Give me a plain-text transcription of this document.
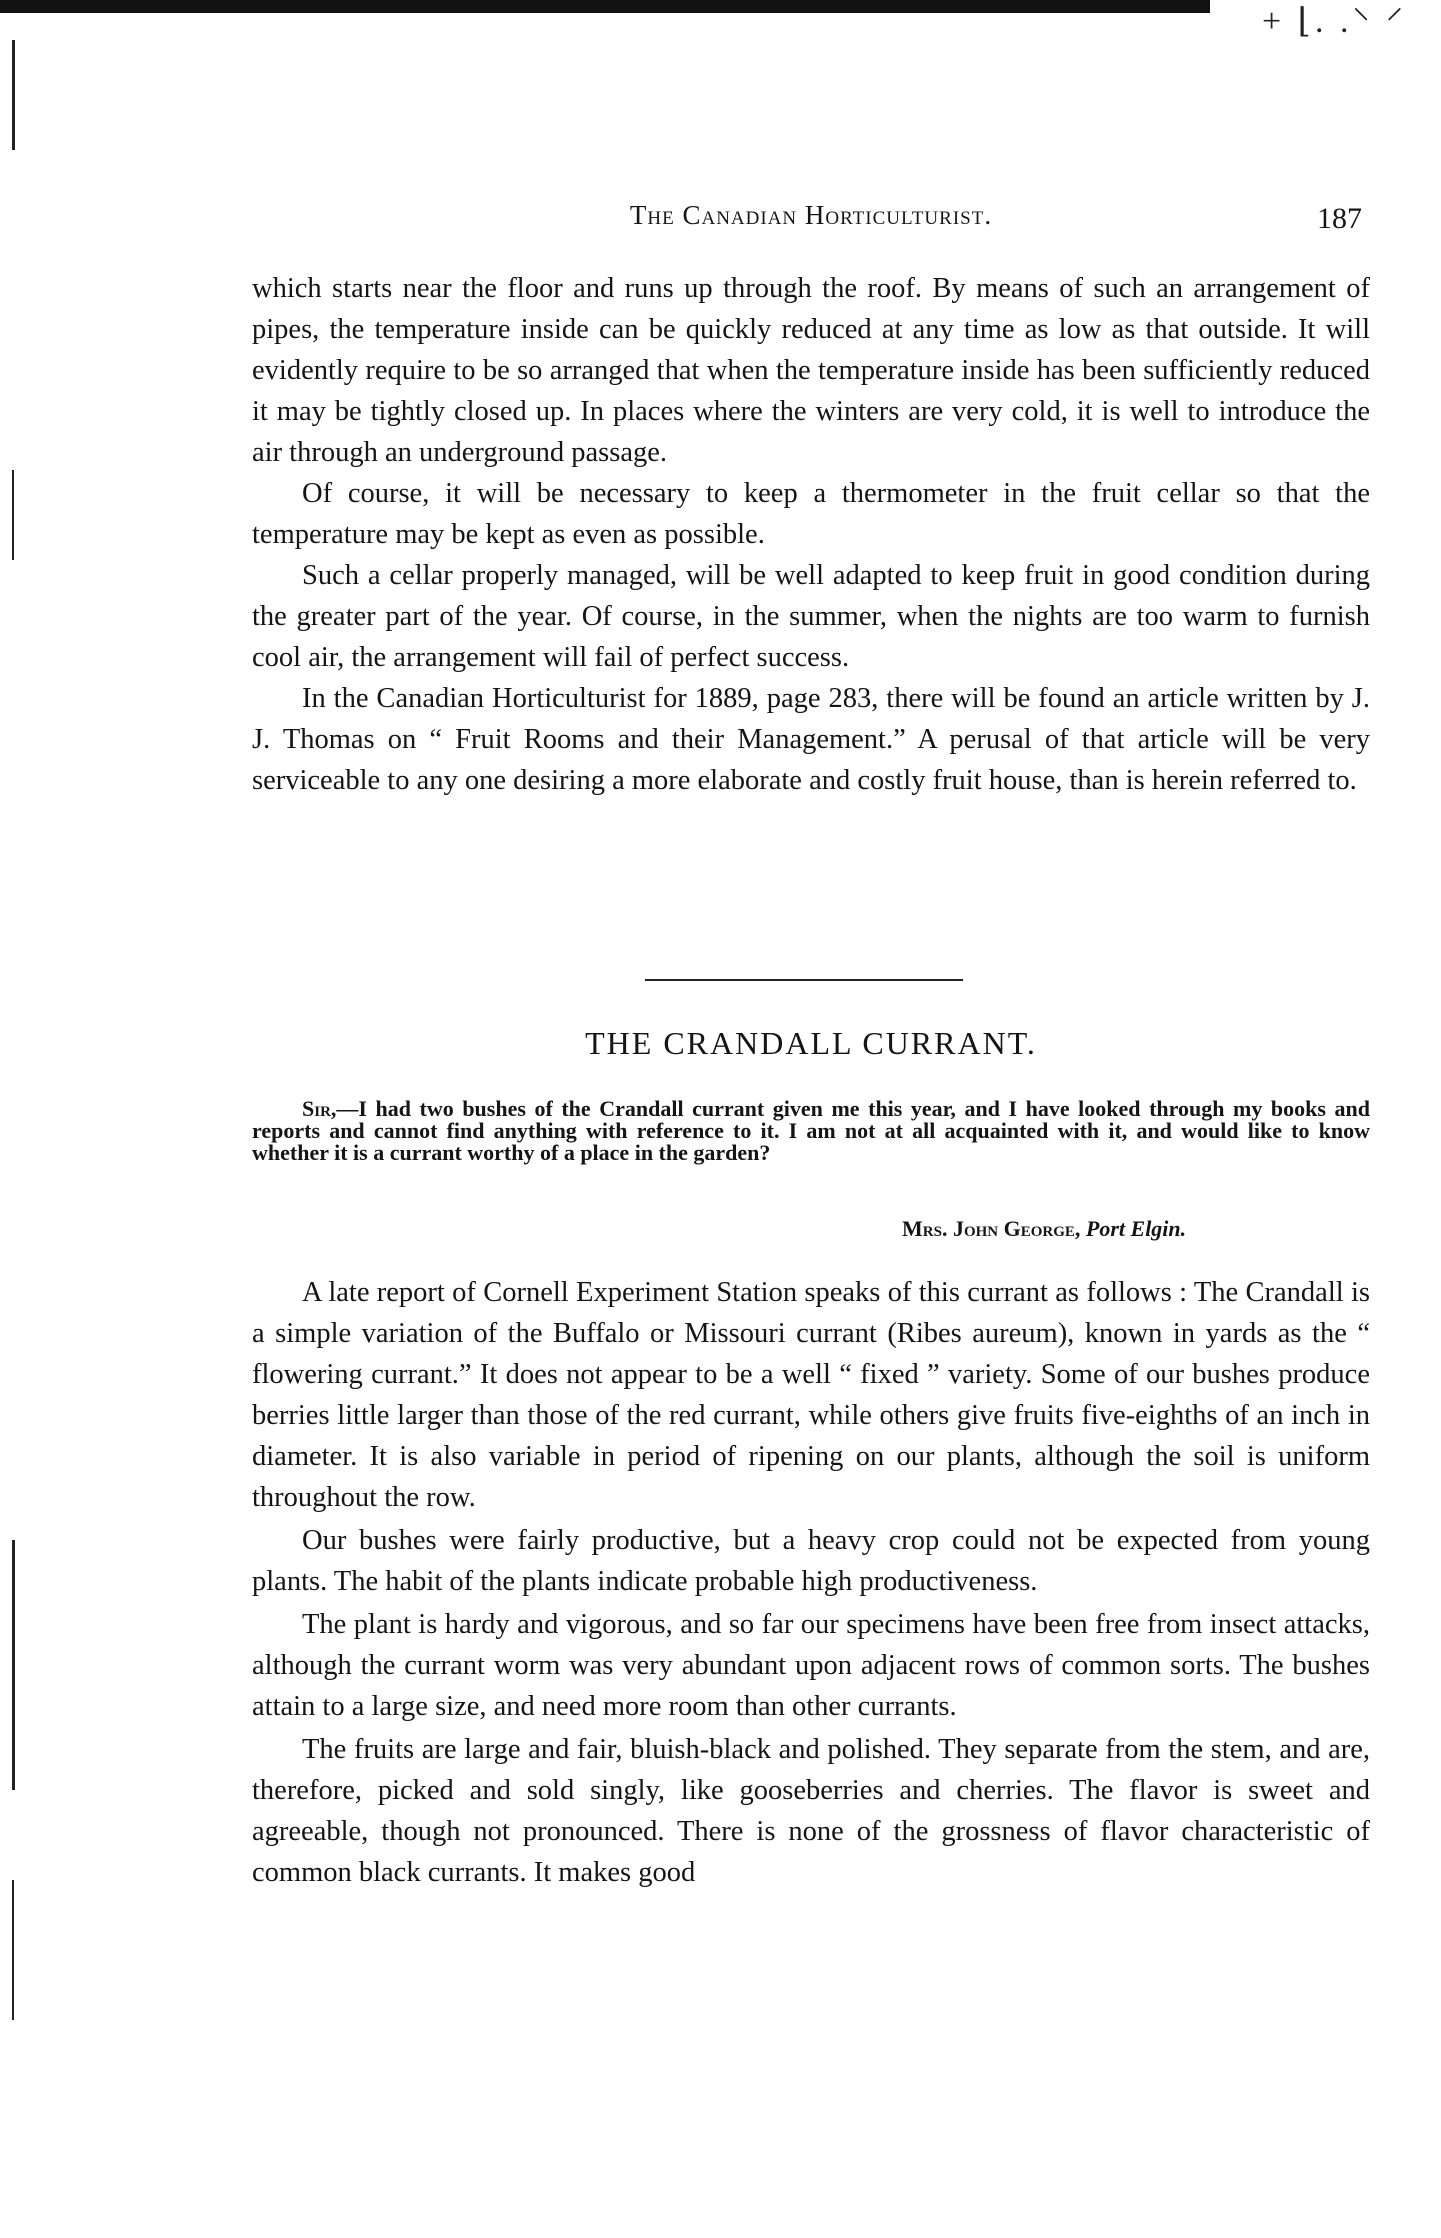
+ ⌊. .⸌ ⸍
The Canadian Horticulturist.	187

which starts near the floor and runs up through the roof. By means of such an arrangement of pipes, the temperature inside can be quickly reduced at any time as low as that outside. It will evidently require to be so arranged that when the temperature inside has been sufficiently reduced it may be tightly closed up. In places where the winters are very cold, it is well to introduce the air through an underground passage.

Of course, it will be necessary to keep a thermometer in the fruit cellar so that the temperature may be kept as even as possible.

Such a cellar properly managed, will be well adapted to keep fruit in good condition during the greater part of the year. Of course, in the summer, when the nights are too warm to furnish cool air, the arrangement will fail of perfect success.

In the Canadian Horticulturist for 1889, page 283, there will be found an article written by J. J. Thomas on “ Fruit Rooms and their Management.” A perusal of that article will be very serviceable to any one desiring a more elaborate and costly fruit house, than is herein referred to.

THE CRANDALL CURRANT.

Sir,—I had two bushes of the Crandall currant given me this year, and I have looked through my books and reports and cannot find anything with reference to it. I am not at all acquainted with it, and would like to know whether it is a currant worthy of a place in the garden?

Mrs. John George, Port Elgin.

A late report of Cornell Experiment Station speaks of this currant as follows : The Crandall is a simple variation of the Buffalo or Missouri currant (Ribes aureum), known in yards as the “ flowering currant.” It does not appear to be a well “ fixed ” variety. Some of our bushes produce berries little larger than those of the red currant, while others give fruits five-eighths of an inch in diameter. It is also variable in period of ripening on our plants, although the soil is uniform throughout the row.

Our bushes were fairly productive, but a heavy crop could not be expected from young plants. The habit of the plants indicate probable high productiveness.

The plant is hardy and vigorous, and so far our specimens have been free from insect attacks, although the currant worm was very abundant upon adjacent rows of common sorts. The bushes attain to a large size, and need more room than other currants.

The fruits are large and fair, bluish-black and polished. They separate from the stem, and are, therefore, picked and sold singly, like gooseberries and cherries. The flavor is sweet and agreeable, though not pronounced. There is none of the grossness of flavor characteristic of common black currants. It makes good
